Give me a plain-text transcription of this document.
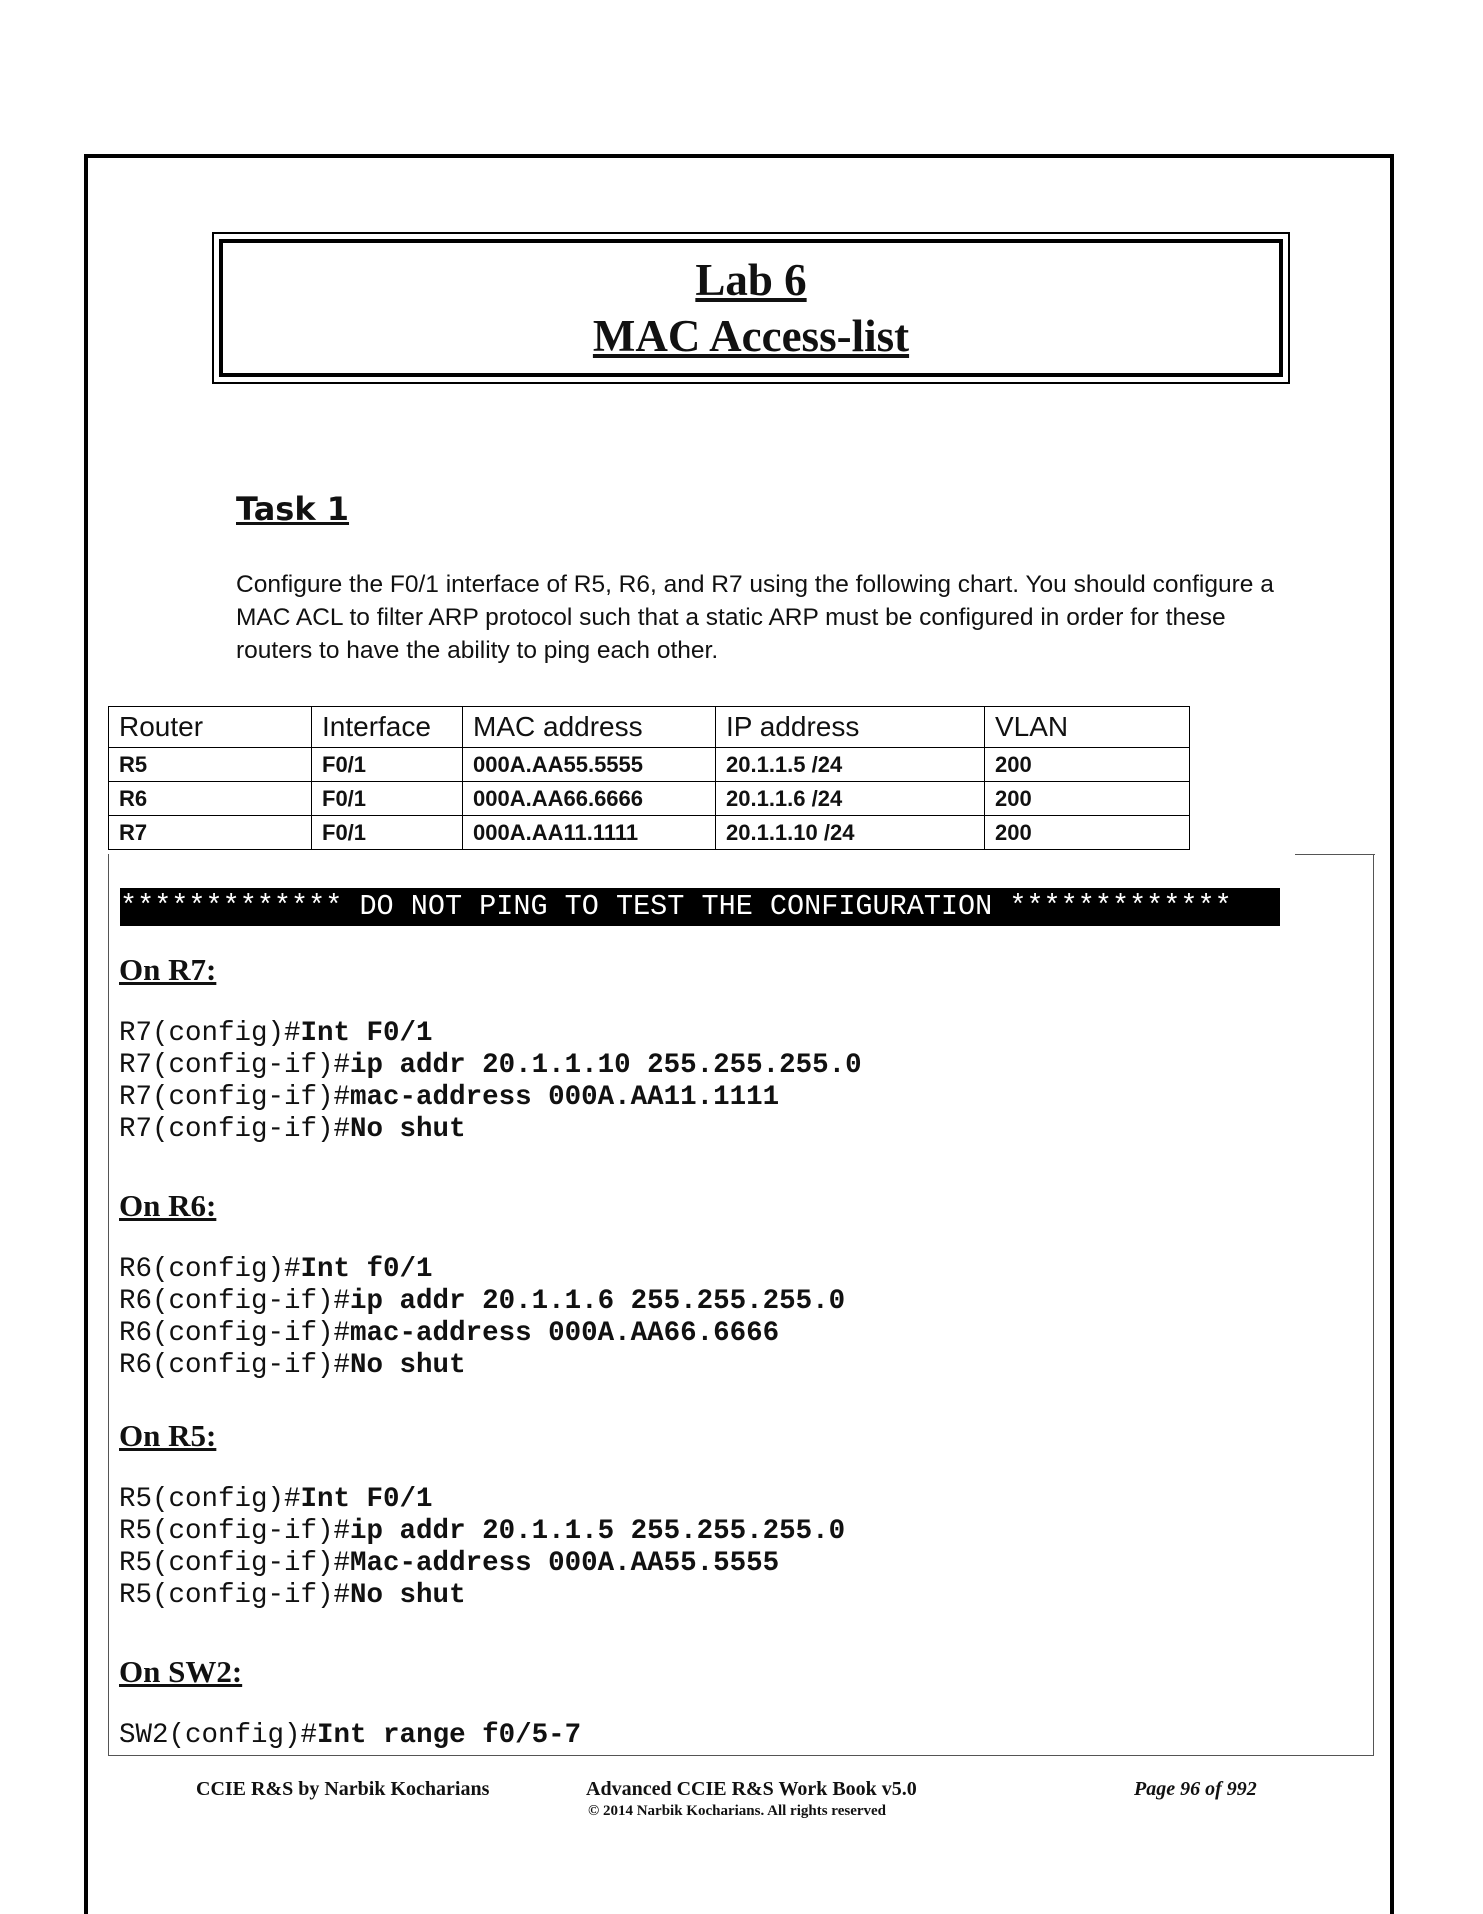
Lab 6
MAC Access-list
Task 1
Configure the F0/1 interface of R5, R6, and R7 using the following chart. You should configure a MAC ACL to filter ARP protocol such that a static ARP must be configured in order for these routers to have the ability to ping each other.
Router	Interface	MAC address	IP address	VLAN
R5	F0/1	000A.AA55.5555	20.1.1.5 /24	200
R6	F0/1	000A.AA66.6666	20.1.1.6 /24	200
R7	F0/1	000A.AA11.1111	20.1.1.10 /24	200
************* DO NOT PING TO TEST THE CONFIGURATION *************
On R7:
R7(config)#Int F0/1
R7(config-if)#ip addr 20.1.1.10 255.255.255.0
R7(config-if)#mac-address 000A.AA11.1111
R7(config-if)#No shut
On R6:
R6(config)#Int f0/1
R6(config-if)#ip addr 20.1.1.6 255.255.255.0
R6(config-if)#mac-address 000A.AA66.6666
R6(config-if)#No shut
On R5:
R5(config)#Int F0/1
R5(config-if)#ip addr 20.1.1.5 255.255.255.0
R5(config-if)#Mac-address 000A.AA55.5555
R5(config-if)#No shut
On SW2:
SW2(config)#Int range f0/5-7
CCIE R&S by Narbik Kocharians	Advanced CCIE R&S Work Book v5.0
© 2014 Narbik Kocharians. All rights reserved
Page 96 of 992
